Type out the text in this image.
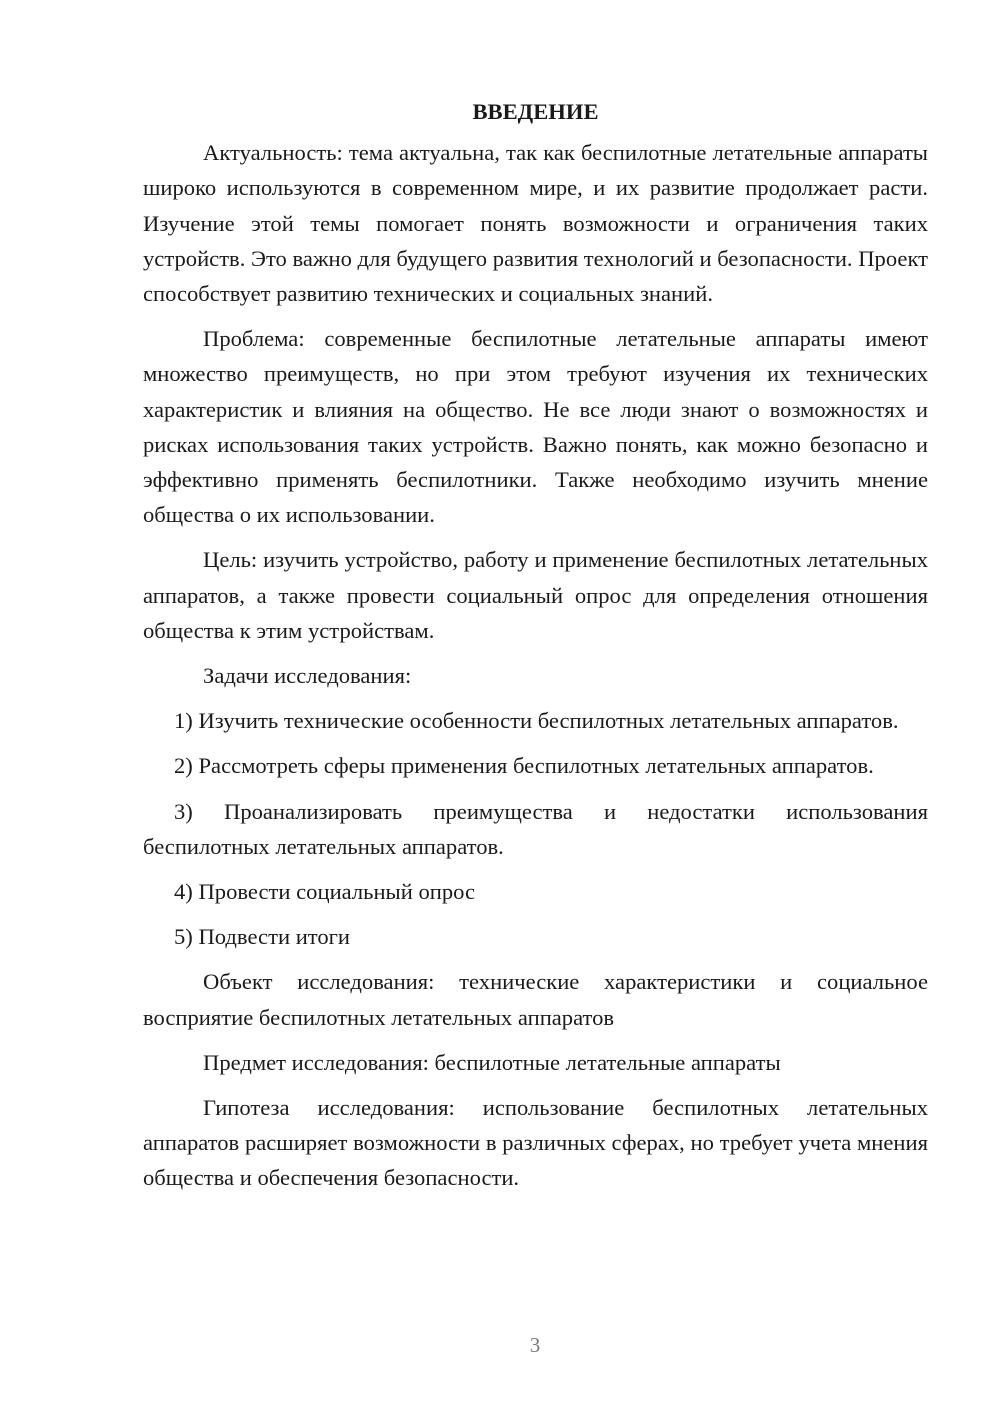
ВВЕДЕНИЕ

Актуальность: тема актуальна, так как беспилотные летательные аппараты широко используются в современном мире, и их развитие продолжает расти. Изучение этой темы помогает понять возможности и ограничения таких устройств. Это важно для будущего развития технологий и безопасности. Проект способствует развитию технических и социальных знаний.

Проблема: современные беспилотные летательные аппараты имеют множество преимуществ, но при этом требуют изучения их технических характеристик и влияния на общество. Не все люди знают о возможностях и рисках использования таких устройств. Важно понять, как можно безопасно и эффективно применять беспилотники. Также необходимо изучить мнение общества о их использовании.

Цель: изучить устройство, работу и применение беспилотных летательных аппаратов, а также провести социальный опрос для определения отношения общества к этим устройствам.

Задачи исследования:

1) Изучить технические особенности беспилотных летательных аппаратов.

2) Рассмотреть сферы применения беспилотных летательных аппаратов.

3) Проанализировать преимущества и недостатки использования беспилотных летательных аппаратов.

4) Провести социальный опрос

5) Подвести итоги

Объект исследования: технические характеристики и социальное восприятие беспилотных летательных аппаратов

Предмет исследования: беспилотные летательные аппараты

Гипотеза исследования: использование беспилотных летательных аппаратов расширяет возможности в различных сферах, но требует учета мнения общества и обеспечения безопасности.

3
